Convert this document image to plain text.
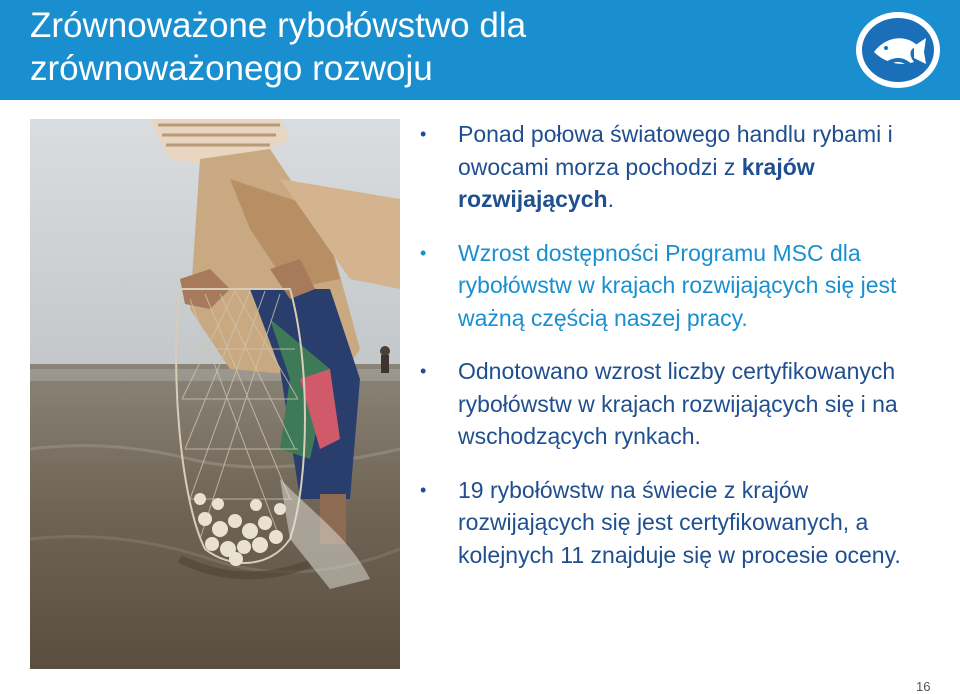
Zrównoważone rybołówstwo dla
zrównoważonego rozwoju
• Ponad połowa światowego handlu rybami i owocami morza pochodzi z krajów rozwijających.
• Wzrost dostępności Programu MSC dla rybołówstw w krajach rozwijających się jest ważną częścią naszej pracy.
• Odnotowano wzrost liczby certyfikowanych rybołówstw w krajach rozwijających się i na wschodzących rynkach.
• 19 rybołówstw na świecie z krajów rozwijających się jest certyfikowanych, a kolejnych 11 znajduje się w procesie oceny.
16
